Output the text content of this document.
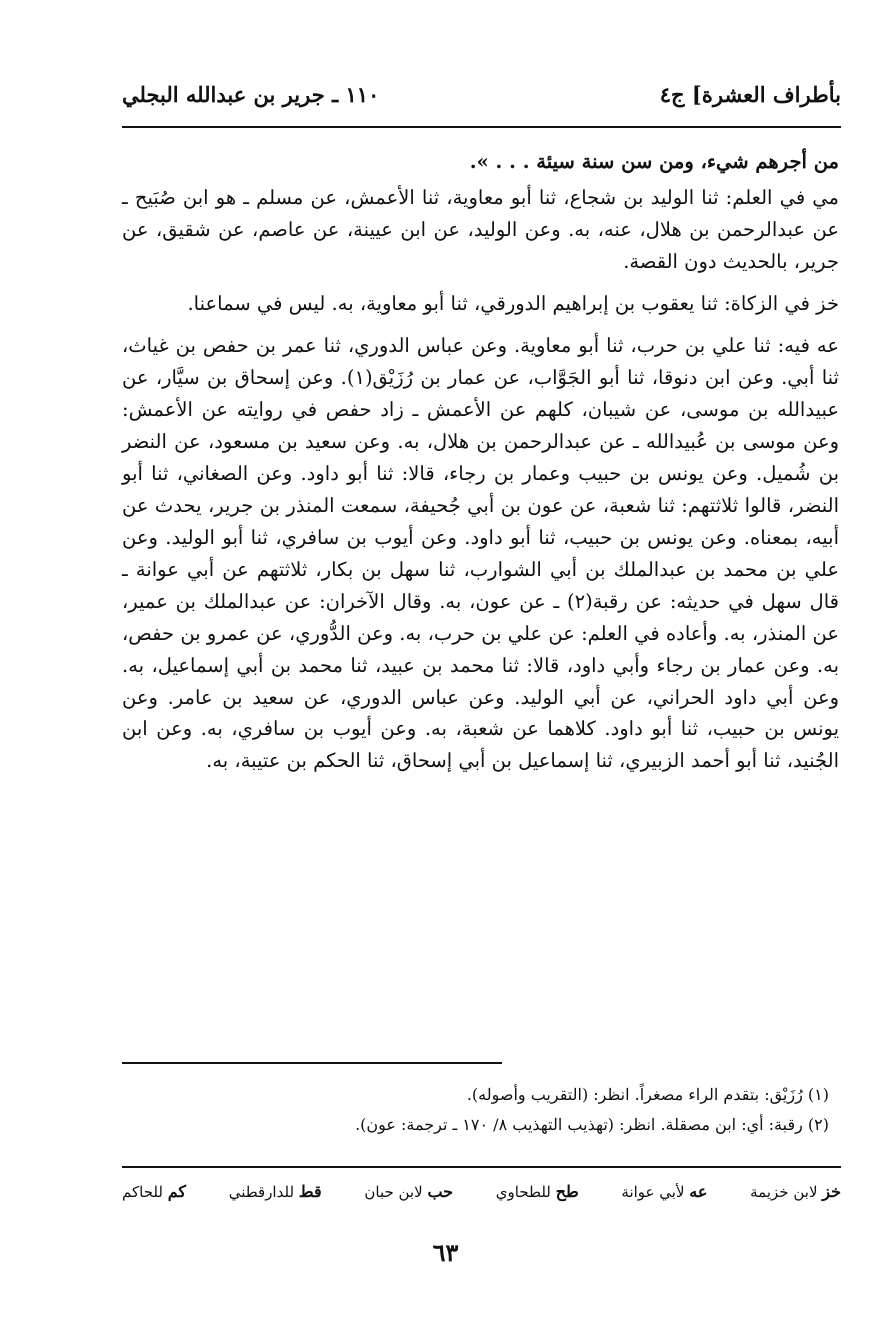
بأطراف العشرة] ج٤
١١٠ ـ جرير بن عبدالله البجلي

من أجرهم شيء، ومن سن سنة سيئة . . . ».

مي في العلم: ثنا الوليد بن شجاع، ثنا أبو معاوية، ثنا الأعمش، عن مسلم ـ هو ابن صُبَيح ـ عن عبدالرحمن بن هلال، عنه، به. وعن الوليد، عن ابن عيينة، عن عاصم، عن شقيق، عن جرير، بالحديث دون القصة.

خز في الزكاة: ثنا يعقوب بن إبراهيم الدورقي، ثنا أبو معاوية، به. ليس في سماعنا.

عه فيه: ثنا علي بن حرب، ثنا أبو معاوية. وعن عباس الدوري، ثنا عمر بن حفص بن غياث، ثنا أبي. وعن ابن دنوقا، ثنا أبو الجَوَّاب، عن عمار بن رُزَيْق(١). وعن إسحاق بن سيَّار، عن عبيدالله بن موسى، عن شيبان، كلهم عن الأعمش ـ زاد حفص في روايته عن الأعمش: وعن موسى بن عُبيدالله ـ عن عبدالرحمن بن هلال، به. وعن سعيد بن مسعود، عن النضر بن شُميل. وعن يونس بن حبيب وعمار بن رجاء، قالا: ثنا أبو داود. وعن الصغاني، ثنا أبو النضر، قالوا ثلاثتهم: ثنا شعبة، عن عون بن أبي جُحيفة، سمعت المنذر بن جرير، يحدث عن أبيه، بمعناه. وعن يونس بن حبيب، ثنا أبو داود. وعن أيوب بن سافري، ثنا أبو الوليد. وعن علي بن محمد بن عبدالملك بن أبي الشوارب، ثنا سهل بن بكار، ثلاثتهم عن أبي عوانة ـ قال سهل في حديثه: عن رقبة(٢) ـ عن عون، به. وقال الآخران: عن عبدالملك بن عمير، عن المنذر، به. وأعاده في العلم: عن علي بن حرب، به. وعن الدُّوري، عن عمرو بن حفص، به. وعن عمار بن رجاء وأبي داود، قالا: ثنا محمد بن عبيد، ثنا محمد بن أبي إسماعيل، به. وعن أبي داود الحراني، عن أبي الوليد. وعن عباس الدوري، عن سعيد بن عامر. وعن يونس بن حبيب، ثنا أبو داود. كلاهما عن شعبة، به. وعن أيوب بن سافري، به. وعن ابن الجُنيد، ثنا أبو أحمد الزبيري، ثنا إسماعيل بن أبي إسحاق، ثنا الحكم بن عتيبة، به.

(١) رُزَيْق: بتقدم الراء مصغراً. انظر: (التقريب وأصوله).
(٢) رقبة: أي: ابن مصقلة. انظر: (تهذيب التهذيب ٨/ ١٧٠ ـ ترجمة: عون).
خز لابن خزيمة
عه لأبي عوانة
طح للطحاوي
حب لابن حبان
قط للدارقطني
كم للحاكم
٦٣
